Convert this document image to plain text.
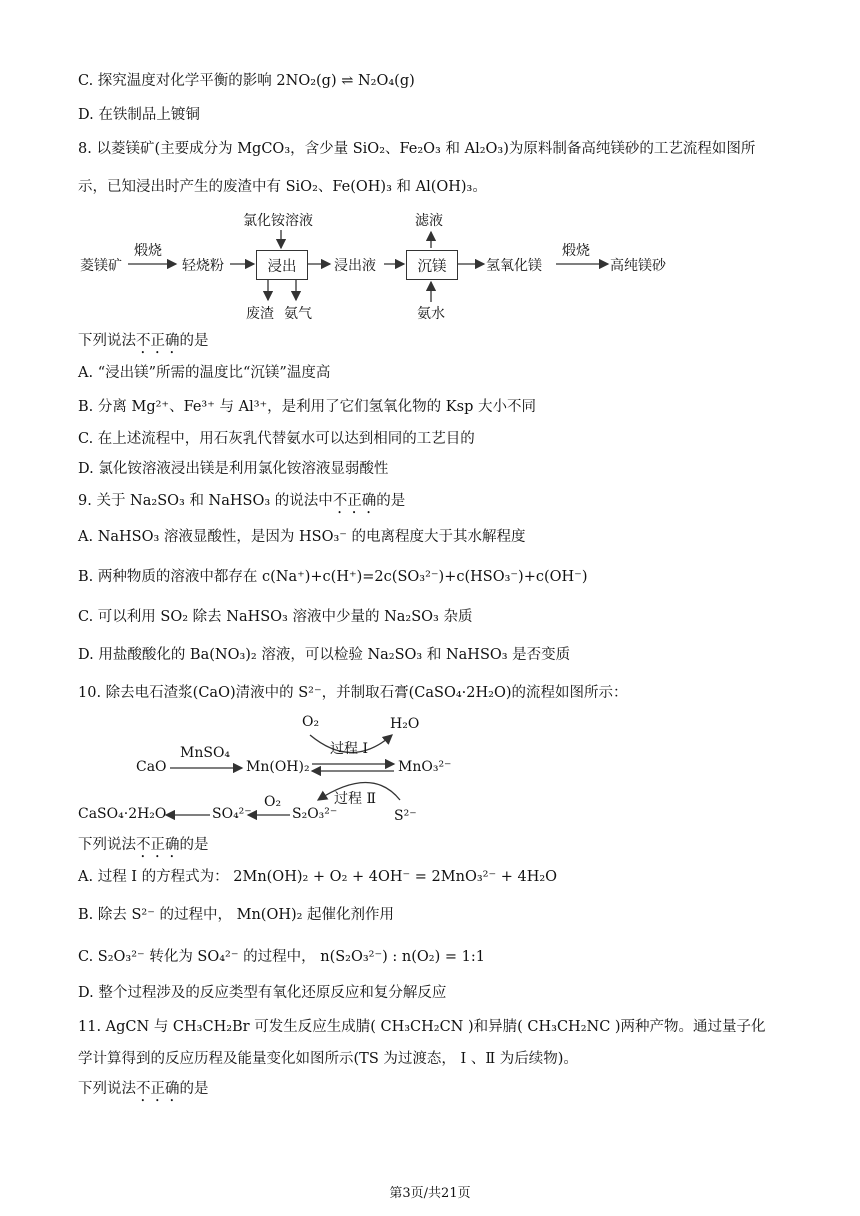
C. 探究温度对化学平衡的影响 2NO₂(g) ⇌ N₂O₄(g)
D. 在铁制品上镀铜
8. 以菱镁矿(主要成分为 MgCO₃，含少量 SiO₂、Fe₂O₃ 和 Al₂O₃)为原料制备高纯镁砂的工艺流程如图所
示，已知浸出时产生的废渣中有 SiO₂、Fe(OH)₃ 和 Al(OH)₃。
菱镁矿
煅烧
轻烧粉	浸出	浸出液	沉镁	氢氧化镁
煅烧
高纯镁砂
氯化铵溶液	滤液
废渣 氨气	氨水
下列说法不正确的是
A. “浸出镁”所需的温度比“沉镁”温度高
B. 分离 Mg²⁺、Fe³⁺ 与 Al³⁺，是利用了它们氢氧化物的 Ksp 大小不同
C. 在上述流程中，用石灰乳代替氨水可以达到相同的工艺目的
D. 氯化铵溶液浸出镁是利用氯化铵溶液显弱酸性
9. 关于 Na₂SO₃ 和 NaHSO₃ 的说法中不正确的是
A. NaHSO₃ 溶液显酸性，是因为 HSO₃⁻ 的电离程度大于其水解程度
B. 两种物质的溶液中都存在 c(Na⁺)+c(H⁺)=2c(SO₃²⁻)+c(HSO₃⁻)+c(OH⁻)
C. 可以利用 SO₂ 除去 NaHSO₃ 溶液中少量的 Na₂SO₃ 杂质
D. 用盐酸酸化的 Ba(NO₃)₂ 溶液，可以检验 Na₂SO₃ 和 NaHSO₃ 是否变质
10. 除去电石渣浆(CaO)清液中的 S²⁻，并制取石膏(CaSO₄·2H₂O)的流程如图所示：
O₂	H₂O
过程 Ⅰ
MnSO₄
CaO	Mn(OH)₂	MnO₃²⁻
O₂	过程 Ⅱ
CaSO₄·2H₂O	SO₄²⁻	S₂O₃²⁻	S²⁻
下列说法不正确的是
A. 过程 I 的方程式为： 2Mn(OH)₂ + O₂ + 4OH⁻ = 2MnO₃²⁻ + 4H₂O
B. 除去 S²⁻ 的过程中， Mn(OH)₂ 起催化剂作用
C. S₂O₃²⁻ 转化为 SO₄²⁻ 的过程中， n(S₂O₃²⁻) : n(O₂) = 1:1
D. 整个过程涉及的反应类型有氧化还原反应和复分解反应
11. AgCN 与 CH₃CH₂Br 可发生反应生成腈( CH₃CH₂CN )和异腈( CH₃CH₂NC )两种产物。通过量子化
学计算得到的反应历程及能量变化如图所示(TS 为过渡态， Ⅰ 、Ⅱ 为后续物)。
下列说法不正确的是
第3页/共21页
